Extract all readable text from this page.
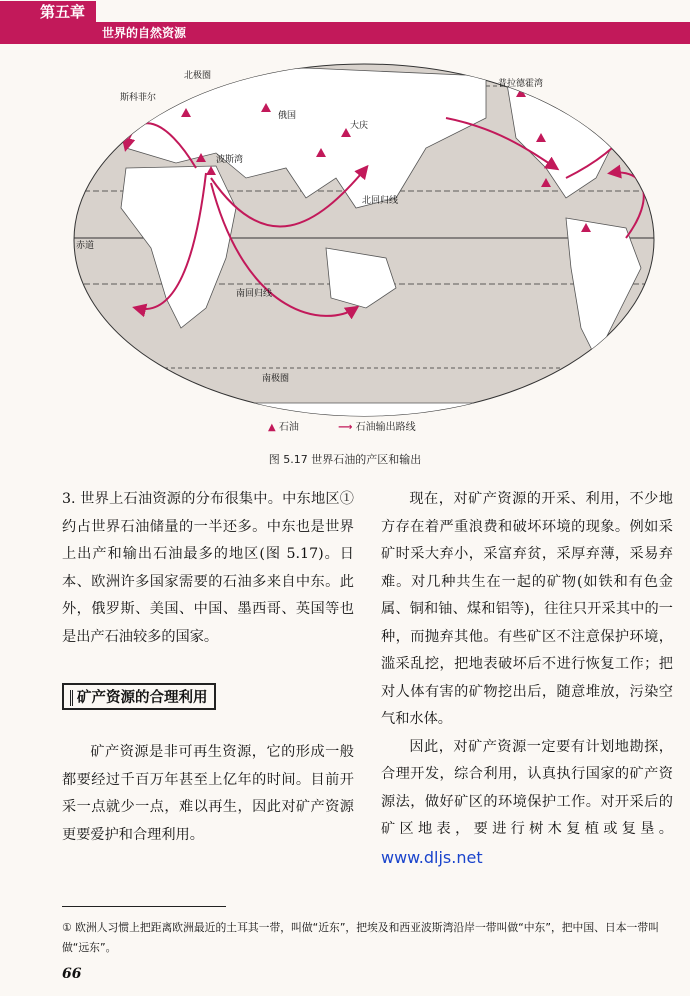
第五章
世界的自然资源
北极圈
北回归线
赤道
南回归线
南极圈
俄国
普拉德霍湾
大庆
斯科菲尔
波斯湾
▲ 石油	⟶ 石油输出路线
图 5.17 世界石油的产区和输出

3. 世界上石油资源的分布很集中。中东地区①约占世界石油储量的一半还多。中东也是世界上出产和输出石油最多的地区(图 5.17)。日本、欧洲许多国家需要的石油多来自中东。此外，俄罗斯、美国、中国、墨西哥、英国等也是出产石油较多的国家。

矿产资源的合理利用

矿产资源是非可再生资源，它的形成一般都要经过千百万年甚至上亿年的时间。目前开采一点就少一点，难以再生，因此对矿产资源更要爱护和合理利用。

现在，对矿产资源的开采、利用，不少地方存在着严重浪费和破坏环境的现象。例如采矿时采大弃小，采富弃贫，采厚弃薄，采易弃难。对几种共生在一起的矿物(如铁和有色金属、铜和铀、煤和铝等)，往往只开采其中的一种，而抛弃其他。有些矿区不注意保护环境，滥采乱挖，把地表破坏后不进行恢复工作；把对人体有害的矿物挖出后，随意堆放，污染空气和水体。

因此，对矿产资源一定要有计划地勘探，合理开发，综合利用，认真执行国家的矿产资源法，做好矿区的环境保护工作。对开采后的矿区地表，要进行树木复植或复垦。 www.dljs.net

① 欧洲人习惯上把距离欧洲最近的土耳其一带，叫做“近东”，把埃及和西亚波斯湾沿岸一带叫做“中东”，把中国、日本一带叫做“远东”。
66
